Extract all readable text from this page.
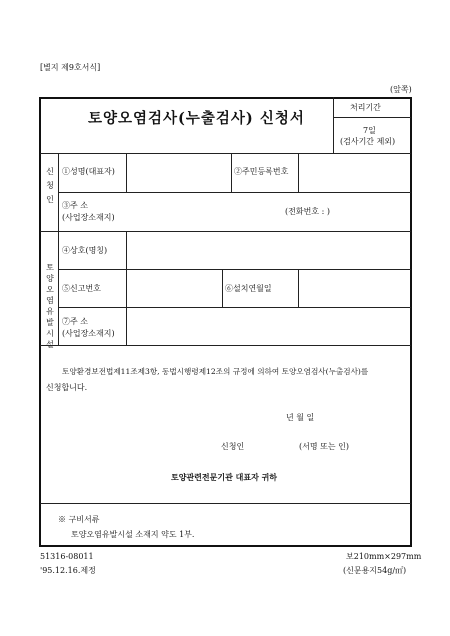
[별지 제9호서식]
(앞쪽)
토양오염검사(누출검사) 신청서
처리기간
7일
(검사기간 제외)
신
청
인
①성명(대표자)	②주민등록번호
③주 소
(사업장소재지)
(전화번호 : )
토
양
오
염
유
발
시
설
④상호(명칭)
⑤신고번호	⑥설치연월일
⑦주 소
(사업장소재지)
토양환경보전법제11조제3항, 동법시행령제12조의 규정에 의하여 토양오염검사(누출검사)를
신청합니다.
년 월 일
신청인	(서명 또는 인)
토양관련전문기관 대표자 귀하
※ 구비서류
토양오염유발시설 소재지 약도 1부.
51316-08011	보210mm×297mm
'95.12.16.제정	(신문용지54g/㎡)
